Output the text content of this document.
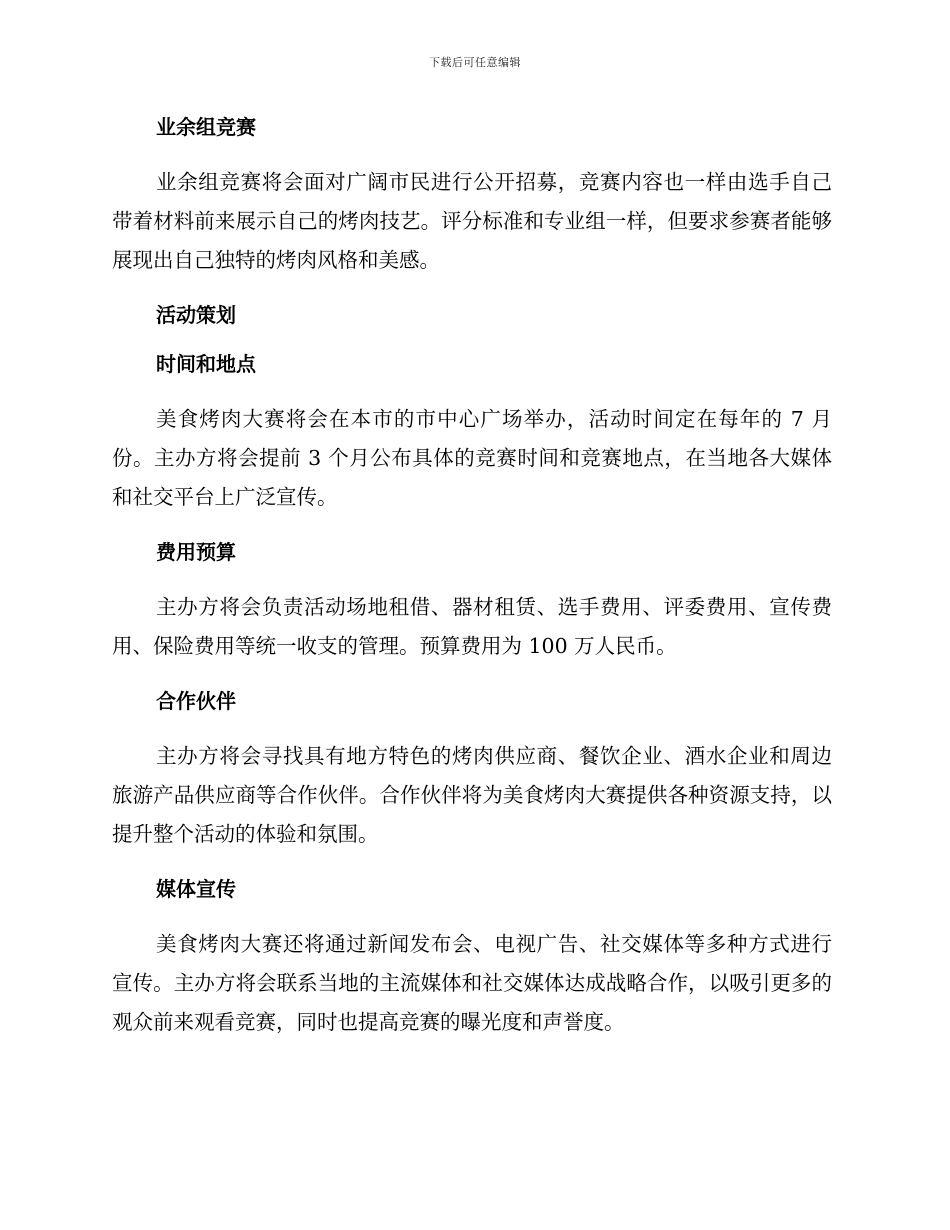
下载后可任意编辑
业余组竞赛

业余组竞赛将会面对广阔市民进行公开招募，竞赛内容也一样由选手自己带着材料前来展示自己的烤肉技艺。评分标准和专业组一样，但要求参赛者能够展现出自己独特的烤肉风格和美感。

活动策划
时间和地点

美食烤肉大赛将会在本市的市中心广场举办，活动时间定在每年的 7 月份。主办方将会提前 3 个月公布具体的竞赛时间和竞赛地点，在当地各大媒体和社交平台上广泛宣传。

费用预算

主办方将会负责活动场地租借、器材租赁、选手费用、评委费用、宣传费用、保险费用等统一收支的管理。预算费用为 100 万人民币。

合作伙伴

主办方将会寻找具有地方特色的烤肉供应商、餐饮企业、酒水企业和周边旅游产品供应商等合作伙伴。合作伙伴将为美食烤肉大赛提供各种资源支持，以提升整个活动的体验和氛围。

媒体宣传

美食烤肉大赛还将通过新闻发布会、电视广告、社交媒体等多种方式进行宣传。主办方将会联系当地的主流媒体和社交媒体达成战略合作，以吸引更多的观众前来观看竞赛，同时也提高竞赛的曝光度和声誉度。
